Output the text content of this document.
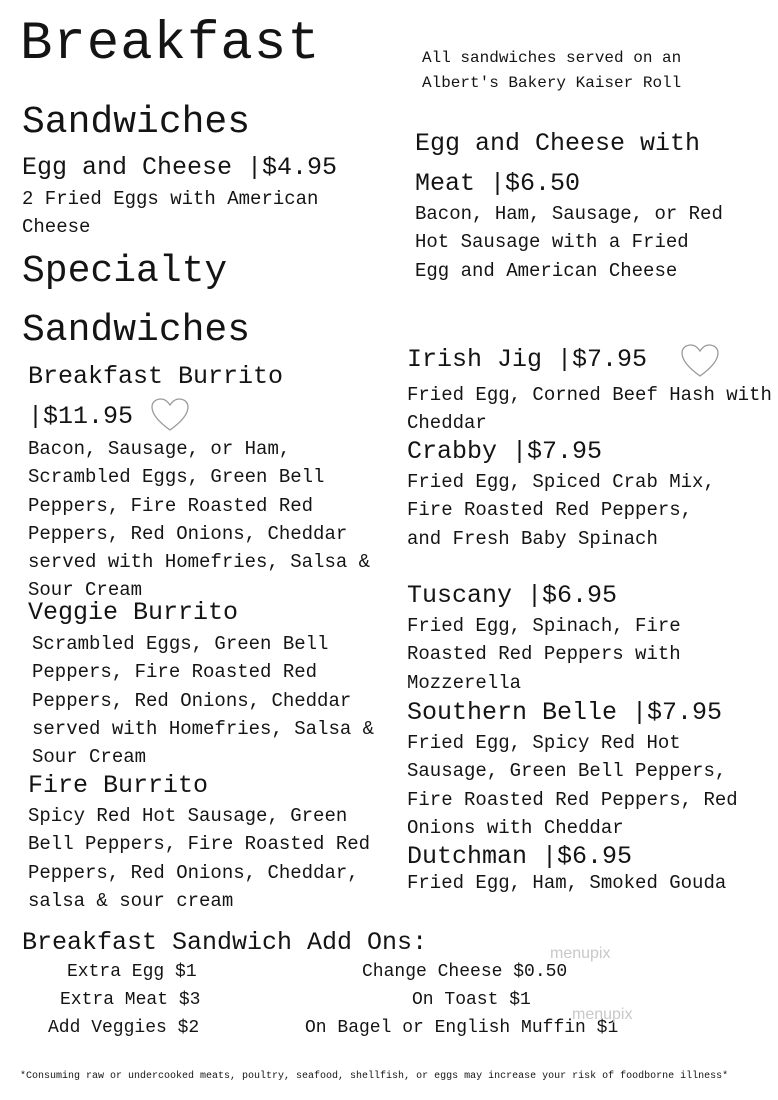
Breakfast	All sandwiches served on an
Albert's Bakery Kaiser Roll
Sandwiches
Egg and Cheese |$4.95
2 Fried Eggs with American Cheese
Specialty
Sandwiches
Breakfast Burrito
|$11.95
Bacon, Sausage, or Ham, Scrambled Eggs, Green Bell Peppers, Fire Roasted Red Peppers, Red Onions, Cheddar served with Homefries, Salsa & Sour Cream
Veggie Burrito
Scrambled Eggs, Green Bell Peppers, Fire Roasted Red Peppers, Red Onions, Cheddar served with Homefries, Salsa & Sour Cream
Fire Burrito
Spicy Red Hot Sausage, Green Bell Peppers, Fire Roasted Red Peppers, Red Onions, Cheddar, salsa & sour cream
Egg and Cheese with
Meat |$6.50
Bacon, Ham, Sausage, or Red Hot Sausage with a Fried Egg and American Cheese
Irish Jig |$7.95
Fried Egg, Corned Beef Hash with Cheddar
Crabby |$7.95
Fried Egg, Spiced Crab Mix, Fire Roasted Red Peppers, and Fresh Baby Spinach
Tuscany |$6.95
Fried Egg, Spinach, Fire Roasted Red Peppers with Mozzerella
Southern Belle |$7.95
Fried Egg, Spicy Red Hot Sausage, Green Bell Peppers, Fire Roasted Red Peppers, Red Onions with Cheddar
Dutchman |$6.95
Fried Egg, Ham, Smoked Gouda
Breakfast Sandwich Add Ons:
Extra Egg $1
Extra Meat $3
Add Veggies $2
Change Cheese $0.50
On Toast $1
On Bagel or English Muffin $1
menupix
menupix
*Consuming raw or undercooked meats, poultry, seafood, shellfish, or eggs may increase your risk of foodborne illness*
